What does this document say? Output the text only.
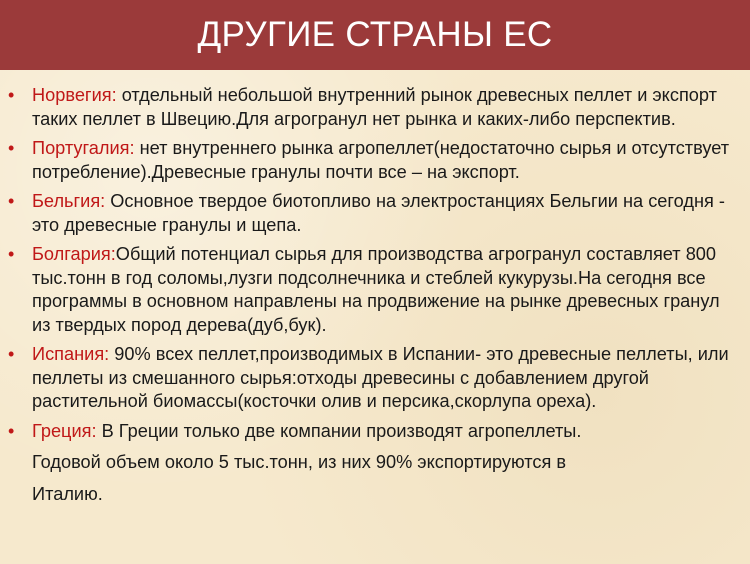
ДРУГИЕ СТРАНЫ ЕС
• Норвегия: отдельный небольшой внутренний рынок древесных пеллет и экспорт таких пеллет в Швецию.Для агрогранул нет рынка и каких-либо перспектив.
• Португалия: нет внутреннего рынка агропеллет(недостаточно сырья и отсутствует потребление).Древесные гранулы почти все – на экспорт.
• Бельгия: Основное твердое биотопливо на электростанциях Бельгии на сегодня - это древесные гранулы и щепа.
• Болгария:Общий потенциал сырья для производства агрогранул составляет 800 тыс.тонн в год соломы,лузги подсолнечника и стеблей кукурузы.На сегодня все программы в основном направлены на продвижение на рынке древесных гранул из твердых пород дерева(дуб,бук).
• Испания: 90% всех пеллет,производимых в Испании- это древесные пеллеты, или пеллеты из смешанного сырья:отходы древесины с добавлением другой растительной биомассы(косточки олив и персика,скорлупа ореха).
• Греция: В Греции только две компании производят агропеллеты.
Годовой объем около 5 тыс.тонн, из них 90% экспортируются в
Италию.
